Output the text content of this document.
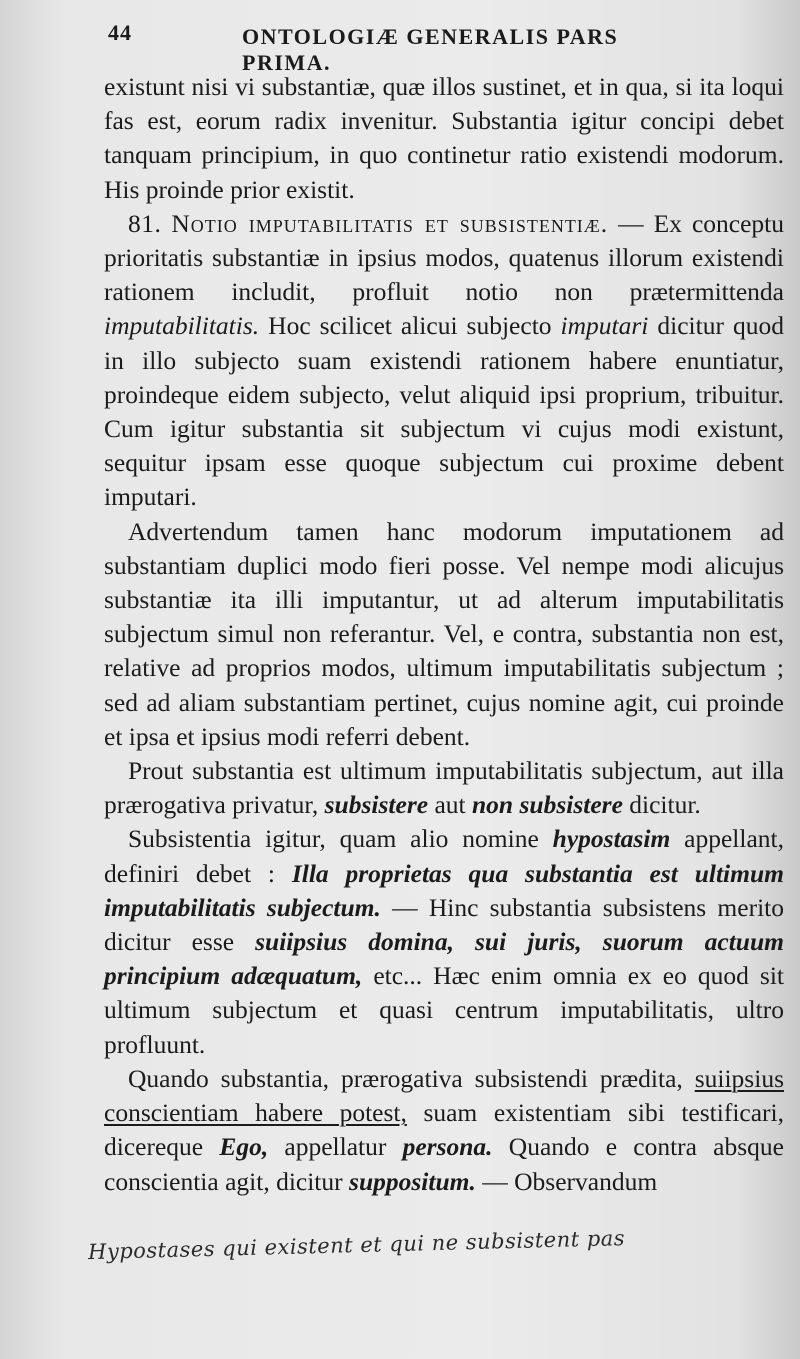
44	ONTOLOGIÆ GENERALIS PARS PRIMA.

existunt nisi vi substantiæ, quæ illos sustinet, et in qua, si ita loqui fas est, eorum radix invenitur. Substantia igitur concipi debet tanquam principium, in quo continetur ratio existendi modorum. His proinde prior existit.

81. Notio imputabilitatis et subsistentiæ. — Ex conceptu prioritatis substantiæ in ipsius modos, quatenus illorum existendi rationem includit, profluit notio non prætermittenda imputabilitatis. Hoc scilicet alicui subjecto imputari dicitur quod in illo subjecto suam existendi rationem habere enuntiatur, proindeque eidem subjecto, velut aliquid ipsi proprium, tribuitur. Cum igitur substantia sit subjectum vi cujus modi existunt, sequitur ipsam esse quoque subjectum cui proxime debent imputari.

Advertendum tamen hanc modorum imputationem ad substantiam duplici modo fieri posse. Vel nempe modi alicujus substantiæ ita illi imputantur, ut ad alterum imputabilitatis subjectum simul non referantur. Vel, e contra, substantia non est, relative ad proprios modos, ultimum imputabilitatis subjectum ; sed ad aliam substantiam pertinet, cujus nomine agit, cui proinde et ipsa et ipsius modi referri debent.

Prout substantia est ultimum imputabilitatis subjectum, aut illa prærogativa privatur, subsistere aut non subsistere dicitur.

Subsistentia igitur, quam alio nomine hypostasim appellant, definiri debet : Illa proprietas qua substantia est ultimum imputabilitatis subjectum. — Hinc substantia subsistens merito dicitur esse suiipsius domina, sui juris, suorum actuum principium adæquatum, etc... Hæc enim omnia ex eo quod sit ultimum subjectum et quasi centrum imputabilitatis, ultro profluunt.

Quando substantia, prærogativa subsistendi prædita, suiipsius conscientiam habere potest, suam existentiam sibi testificari, dicereque Ego, appellatur persona. Quando e contra absque conscientia agit, dicitur suppositum. — Observandum

Hypostases qui existent et qui ne subsistent pas
